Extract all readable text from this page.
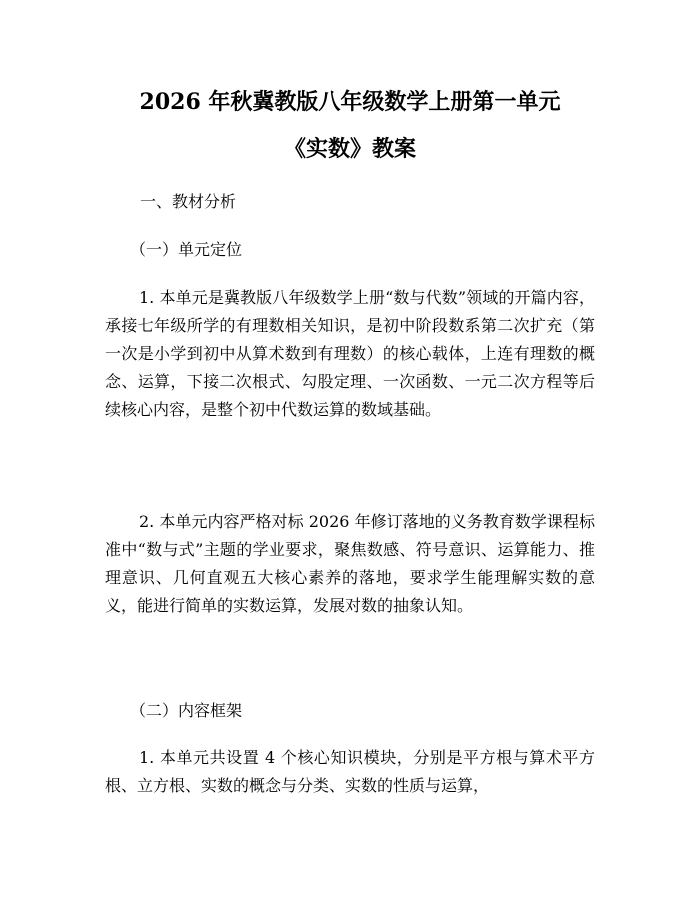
2026 年秋冀教版八年级数学上册第一单元
《实数》教案
一、教材分析
（一）单元定位

1. 本单元是冀教版八年级数学上册“数与代数”领域的开篇内容，承接七年级所学的有理数相关知识，是初中阶段数系第二次扩充（第一次是小学到初中从算术数到有理数）的核心载体，上连有理数的概念、运算，下接二次根式、勾股定理、一次函数、一元二次方程等后续核心内容，是整个初中代数运算的数域基础。

2. 本单元内容严格对标 2026 年修订落地的义务教育数学课程标准中“数与式”主题的学业要求，聚焦数感、符号意识、运算能力、推理意识、几何直观五大核心素养的落地，要求学生能理解实数的意义，能进行简单的实数运算，发展对数的抽象认知。

（二）内容框架

1. 本单元共设置 4 个核心知识模块，分别是平方根与算术平方根、立方根、实数的概念与分类、实数的性质与运算，
